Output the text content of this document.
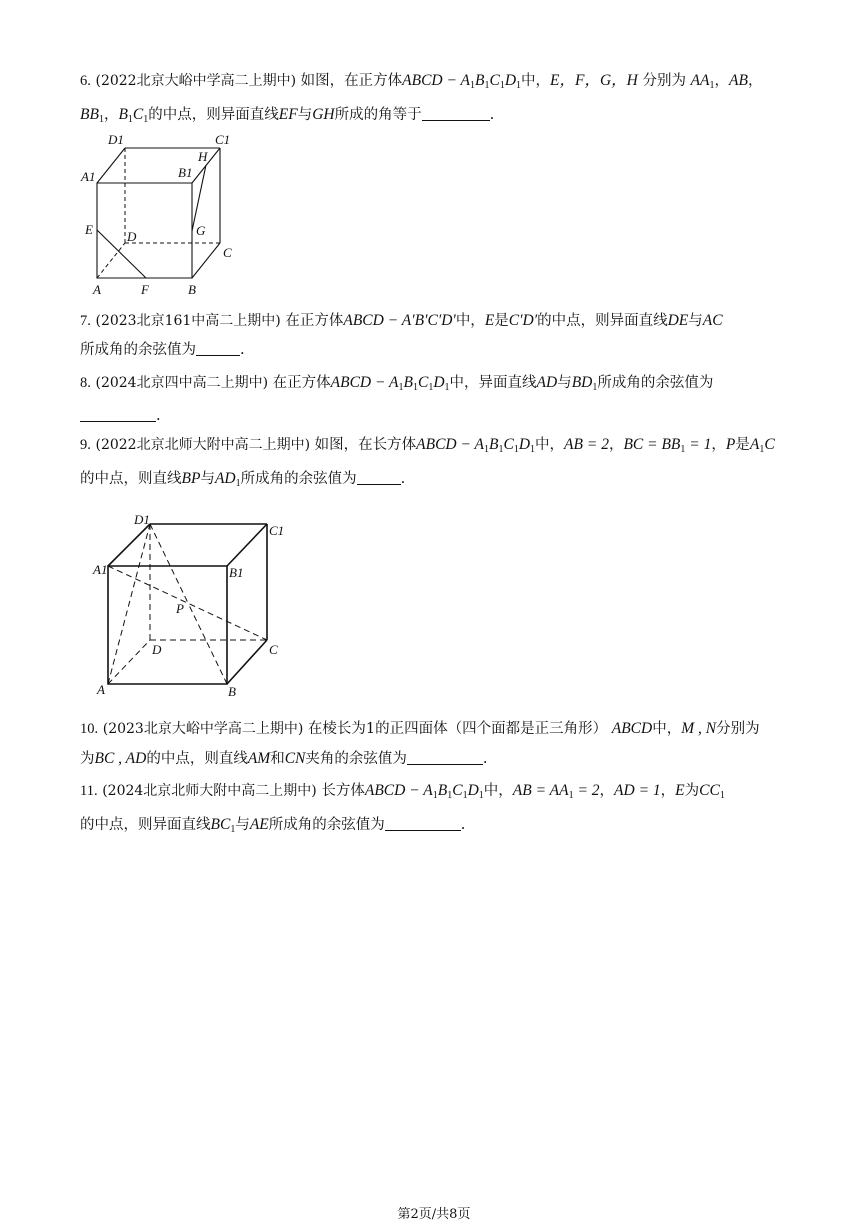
6. (2022北京大峪中学高二上期中) 如图，在正方体ABCD − $A_1B_1C_1D_1$中，E，F，G，H 分别为 $AA_1$，AB，
$BB_1$，$B_1C_1$的中点，则异面直线EF与GH所成的角等于	.
D1	C1
A1	B1
H
E	D	G
C
A	F	B
7. (2023北京161中高二上期中) 在正方体ABCD − A′B′C′D′中，E是C′D′的中点，则异面直线DE与AC
所成角的余弦值为	.
8. (2024北京四中高二上期中) 在正方体ABCD − $A_1B_1C_1D_1$中，异面直线AD与$BD_1$所成角的余弦值为
.
9. (2022北京北师大附中高二上期中) 如图，在长方体ABCD − $A_1B_1C_1D_1$中，AB = 2，BC = $BB_1 = 1$，P是$A_1C$
的中点，则直线BP与$AD_1$所成角的余弦值为	.
D1
C1
A1	B1
P
D	C
A	B
10. (2023北京大峪中学高二上期中) 在棱长为1的正四面体（四个面都是正三角形） ABCD中，M , N分别为
为BC , AD的中点，则直线AM和CN夹角的余弦值为	.
11. (2024北京北师大附中高二上期中) 长方体ABCD − $A_1B_1C_1D_1$中，AB = $AA_1 = 2$，AD = 1，E为$CC_1$
的中点，则异面直线$BC_1$与AE所成角的余弦值为	.
第2页/共8页
